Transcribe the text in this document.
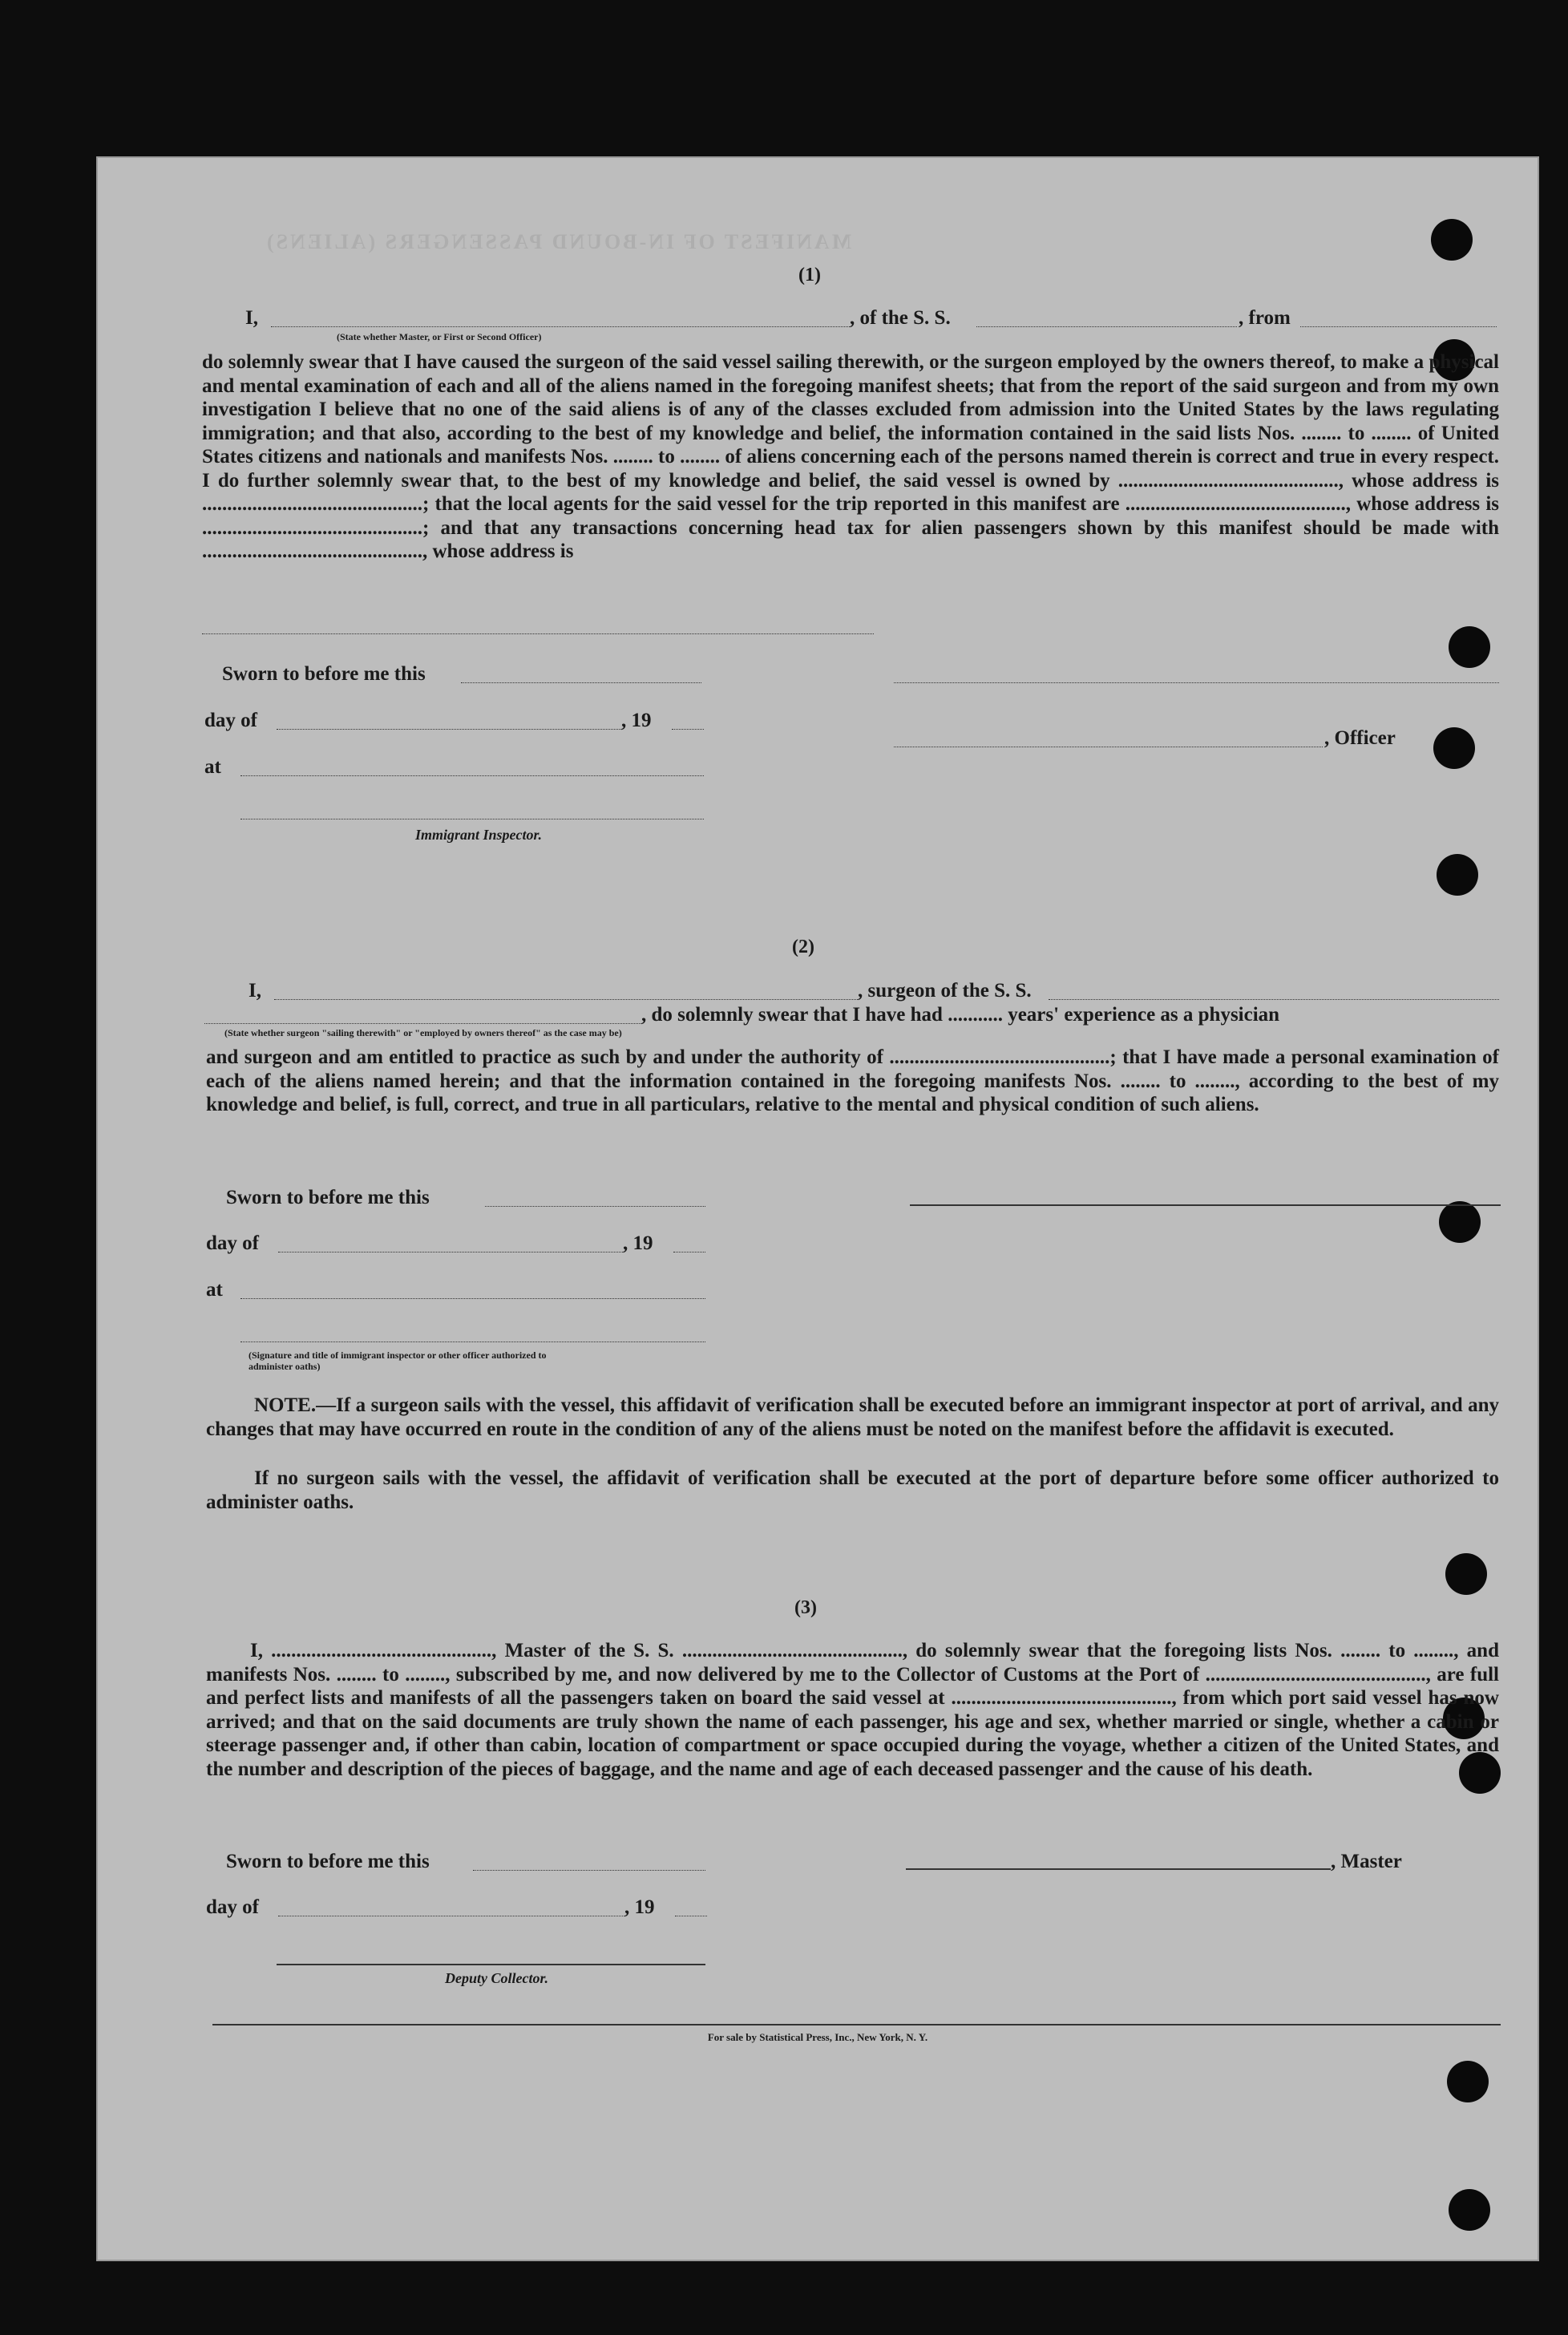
MANIFEST OF IN-BOUND PASSENGERS (ALIENS)
(1)
I,	, of the S. S.	, from
(State whether Master, or First or Second Officer)
do solemnly swear that I have caused the surgeon of the said vessel sailing therewith, or the surgeon employed by the owners thereof, to make a physical and mental examination of each and all of the aliens named in the foregoing manifest sheets; that from the report of the said surgeon and from my own investigation I believe that no one of the said aliens is of any of the classes excluded from admission into the United States by the laws regulating immigration; and that also, according to the best of my knowledge and belief, the information contained in the said lists Nos. ........ to ........ of United States citizens and nationals and manifests Nos. ........ to ........ of aliens concerning each of the persons named therein is correct and true in every respect. I do further solemnly swear that, to the best of my knowledge and belief, the said vessel is owned by ............................................, whose address is ............................................; that the local agents for the said vessel for the trip reported in this manifest are ............................................, whose address is ............................................; and that any transactions concerning head tax for alien passengers shown by this manifest should be made with ............................................, whose address is
Sworn to before me this
day of	, 19
, Officer
at
Immigrant Inspector.
(2)
I,	, surgeon of the S. S.
, do solemnly swear that I have had ........... years' experience as a physician
(State whether surgeon "sailing therewith" or "employed by owners thereof" as the case may be)
and surgeon and am entitled to practice as such by and under the authority of ............................................; that I have made a personal examination of each of the aliens named herein; and that the information contained in the foregoing manifests Nos. ........ to ........, according to the best of my knowledge and belief, is full, correct, and true in all particulars, relative to the mental and physical condition of such aliens.
Sworn to before me this
day of	, 19
at
(Signature and title of immigrant inspector or other officer authorized to administer oaths)
NOTE.—If a surgeon sails with the vessel, this affidavit of verification shall be executed before an immigrant inspector at port of arrival, and any changes that may have occurred en route in the condition of any of the aliens must be noted on the manifest before the affidavit is executed.
If no surgeon sails with the vessel, the affidavit of verification shall be executed at the port of departure before some officer authorized to administer oaths.
(3)
I, ............................................, Master of the S. S. ............................................, do solemnly swear that the foregoing lists Nos. ........ to ........, and manifests Nos. ........ to ........, subscribed by me, and now delivered by me to the Collector of Customs at the Port of ............................................, are full and perfect lists and manifests of all the passengers taken on board the said vessel at ............................................, from which port said vessel has now arrived; and that on the said documents are truly shown the name of each passenger, his age and sex, whether married or single, whether a cabin or steerage passenger and, if other than cabin, location of compartment or space occupied during the voyage, whether a citizen of the United States, and the number and description of the pieces of baggage, and the name and age of each deceased passenger and the cause of his death.
Sworn to before me this	, Master
day of	, 19
Deputy Collector.
For sale by Statistical Press, Inc., New York, N. Y.
